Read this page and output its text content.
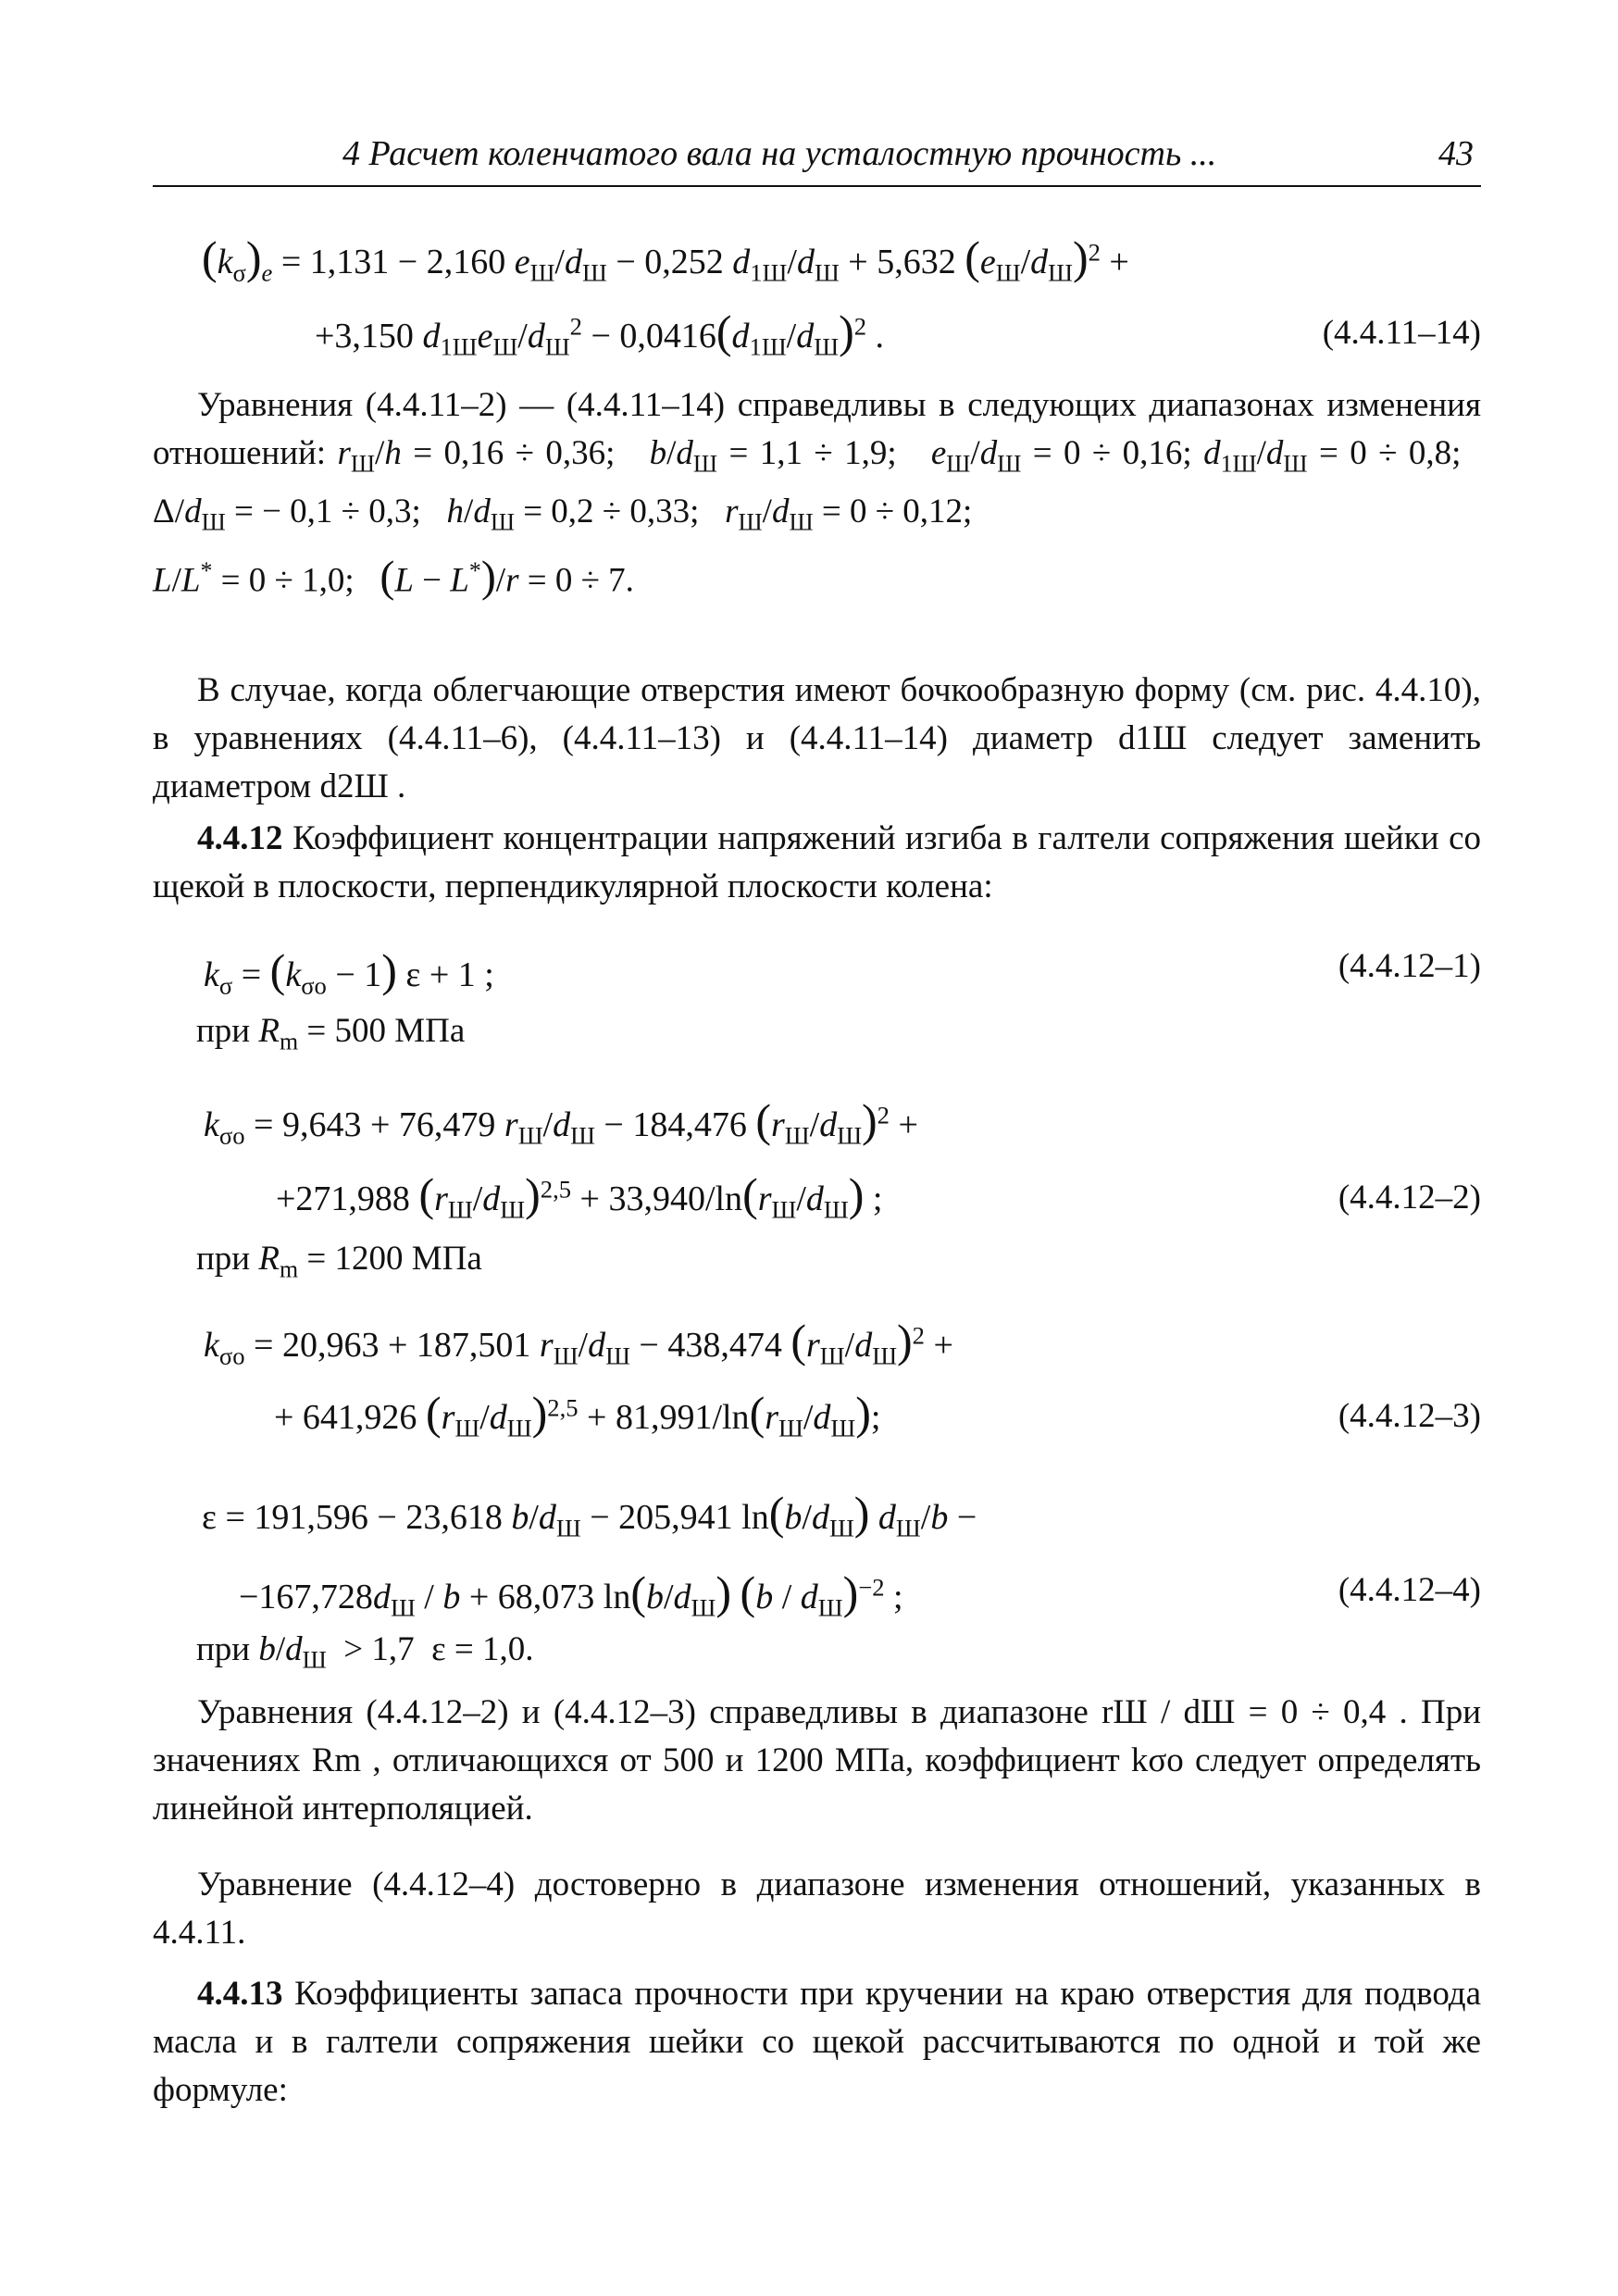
4 Расчет коленчатого вала на усталостную прочность ...	43
$(k_\sigma)_e = 1,131 - 2,160$ $e_Ш/d_Ш - 0,252$ $d_{1Ш}/d_Ш + 5,632$ $(e_Ш/d_Ш)^2$ +
+3,150 $d_{1Ш}e_Ш/d_Ш^2 - 0,0416(d_{1Ш}/d_Ш)^2$ .	(4.4.11–14)
Уравнения (4.4.11–2) — (4.4.11–14) справедливы в следующих диапазонах изменения отношений: $r_Ш/h = 0,16 \div 0,36$;   $b/d_Ш = 1,1 \div 1,9$;   $e_Ш/d_Ш = 0 \div 0,16$; $d_{1Ш}/d_Ш = 0 \div 0,8$;   $\Delta/d_Ш$ = − 0,1 ÷ 0,3;   $h/d_Ш = 0,2 \div 0,33$;   $r_Ш/d_Ш = 0 \div 0,12$;
L/L* = 0 ÷ 1,0;   (L − L*)/r = 0 ÷ 7.
В случае, когда облегчающие отверстия имеют бочкообразную форму (см. рис. 4.4.10), в уравнениях (4.4.11–6), (4.4.11–13) и (4.4.11–14) диаметр d1Ш следует заменить диаметром d2Ш .
4.4.12 Коэффициент концентрации напряжений изгиба в галтели сопряжения шейки со щекой в плоскости, перпендикулярной плоскости колена:
$k_\sigma = (k_{\sigma o} - 1) \varepsilon + 1$ ;	(4.4.12–1)
при $R_m = 500$ МПа
$k_{\sigma o} = 9,643 + 76,479$ $r_Ш/d_Ш - 184,476$ $(r_Ш/d_Ш)^2$ +
+271,988 $(r_Ш/d_Ш)^{2,5} + 33,940/\ln(r_Ш/d_Ш)$ ;	(4.4.12–2)
при $R_m = 1200$ МПа
$k_{\sigma o} = 20,963 + 187,501$ $r_Ш/d_Ш - 438,474$ $(r_Ш/d_Ш)^2$ +
+ 641,926 $(r_Ш/d_Ш)^{2,5} + 81,991/\ln(r_Ш/d_Ш)$;	(4.4.12–3)
ε = 191,596 − 23,618 $b/d_Ш - 205,941$ $\ln(b/d_Ш) d_Ш/b$ −
$-167,728d_Ш / b + 68,073$ $\ln(b/d_Ш)$ $(b / d_Ш)^{-2}$ ;	(4.4.12–4)
при $b/d_Ш > 1,7$  ε = 1,0.
Уравнения (4.4.12–2) и (4.4.12–3) справедливы в диапазоне rШ / dШ = 0 ÷ 0,4 . При значениях Rm , отличающихся от 500 и 1200 МПа, коэффициент kσo следует определять линейной интерполяцией.
Уравнение (4.4.12–4) достоверно в диапазоне изменения отношений, указанных в 4.4.11.
4.4.13 Коэффициенты запаса прочности при кручении на краю отверстия для подвода масла и в галтели сопряжения шейки со щекой рассчитываются по одной и той же формуле:
